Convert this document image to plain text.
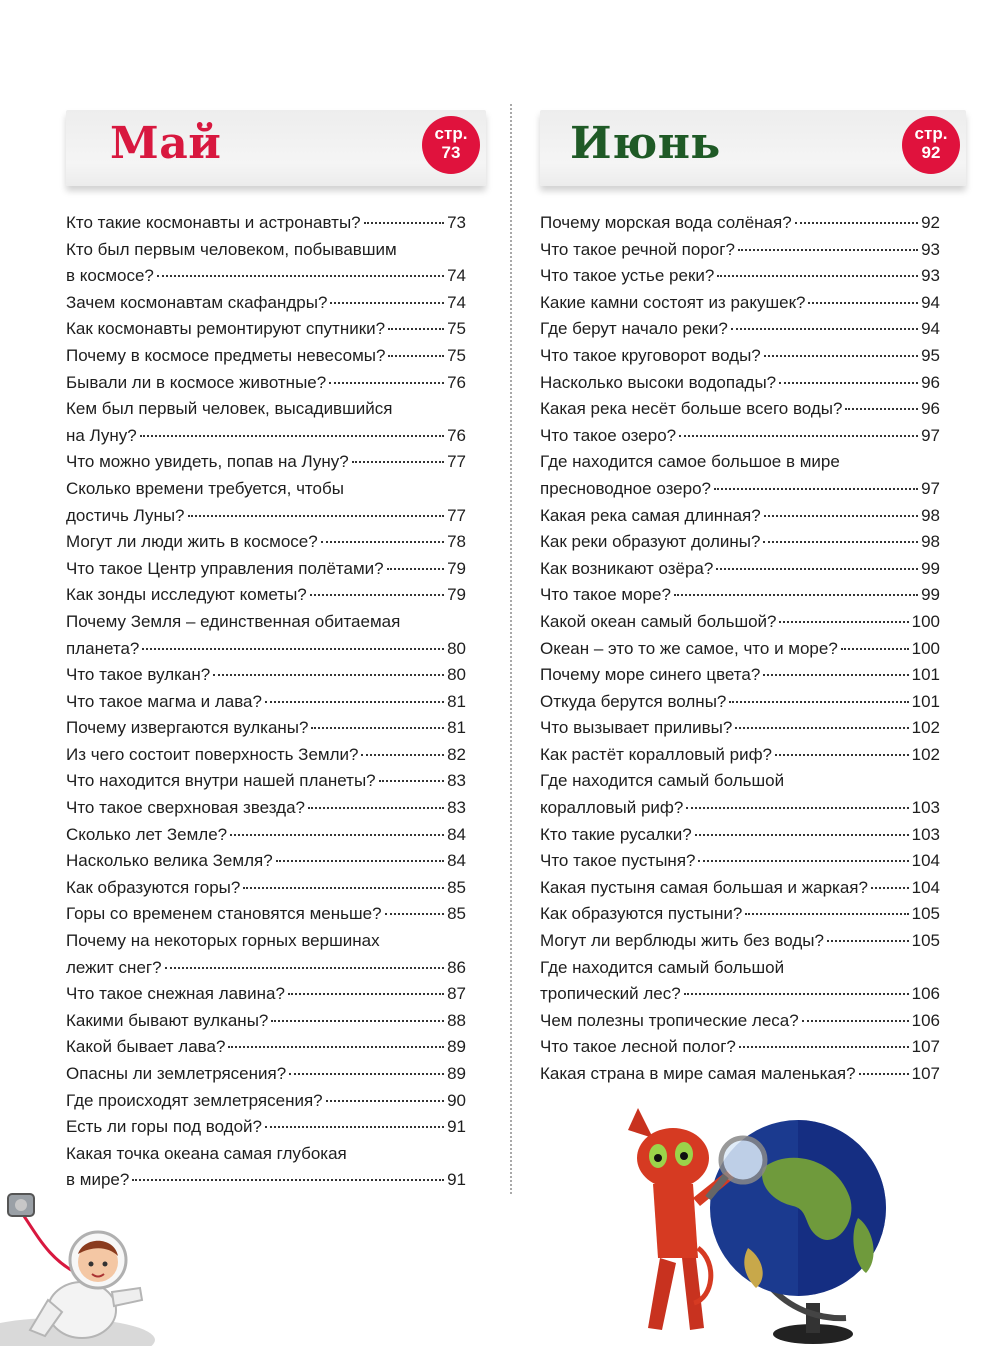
Май	стр.
73	Июнь	стр.
92
Кто такие космонавты и астронавты?	73
Кто был первым человеком, побывавшим
в космосе?	74
Зачем космонавтам скафандры?	74
Как космонавты ремонтируют спутники?	75
Почему в космосе предметы невесомы?	75
Бывали ли в космосе животные?	76
Кем был первый человек, высадившийся
на Луну?	76
Что можно увидеть, попав на Луну?	77
Сколько времени требуется, чтобы
достичь Луны?	77
Могут ли люди жить в космосе?	78
Что такое Центр управления полётами?	79
Как зонды исследуют кометы?	79
Почему Земля – единственная обитаемая
планета?	80
Что такое вулкан?	80
Что такое магма и лава?	81
Почему извергаются вулканы?	81
Из чего состоит поверхность Земли?	82
Что находится внутри нашей планеты?	83
Что такое сверхновая звезда?	83
Сколько лет Земле?	84
Насколько велика Земля?	84
Как образуются горы?	85
Горы со временем становятся меньше?	85
Почему на некоторых горных вершинах
лежит снег?	86
Что такое снежная лавина?	87
Какими бывают вулканы?	88
Какой бывает лава?	89
Опасны ли землетрясения?	89
Где происходят землетрясения?	90
Есть ли горы под водой?	91
Какая точка океана самая глубокая
в мире?	91
Почему морская вода солёная?	92
Что такое речной порог?	93
Что такое устье реки?	93
Какие камни состоят из ракушек?	94
Где берут начало реки?	94
Что такое круговорот воды?	95
Насколько высоки водопады?	96
Какая река несёт больше всего воды?	96
Что такое озеро?	97
Где находится самое большое в мире
пресноводное озеро?	97
Какая река самая длинная?	98
Как реки образуют долины?	98
Как возникают озёра?	99
Что такое море?	99
Какой океан самый большой?	100
Океан – это то же самое, что и море?	100
Почему море синего цвета?	101
Откуда берутся волны?	101
Что вызывает приливы?	102
Как растёт коралловый риф?	102
Где находится самый большой
коралловый риф?	103
Кто такие русалки?	103
Что такое пустыня?	104
Какая пустыня самая большая и жаркая?	104
Как образуются пустыни?	105
Могут ли верблюды жить без воды?	105
Где находится самый большой
тропический лес?	106
Чем полезны тропические леса?	106
Что такое лесной полог?	107
Какая страна в мире самая маленькая?	107
